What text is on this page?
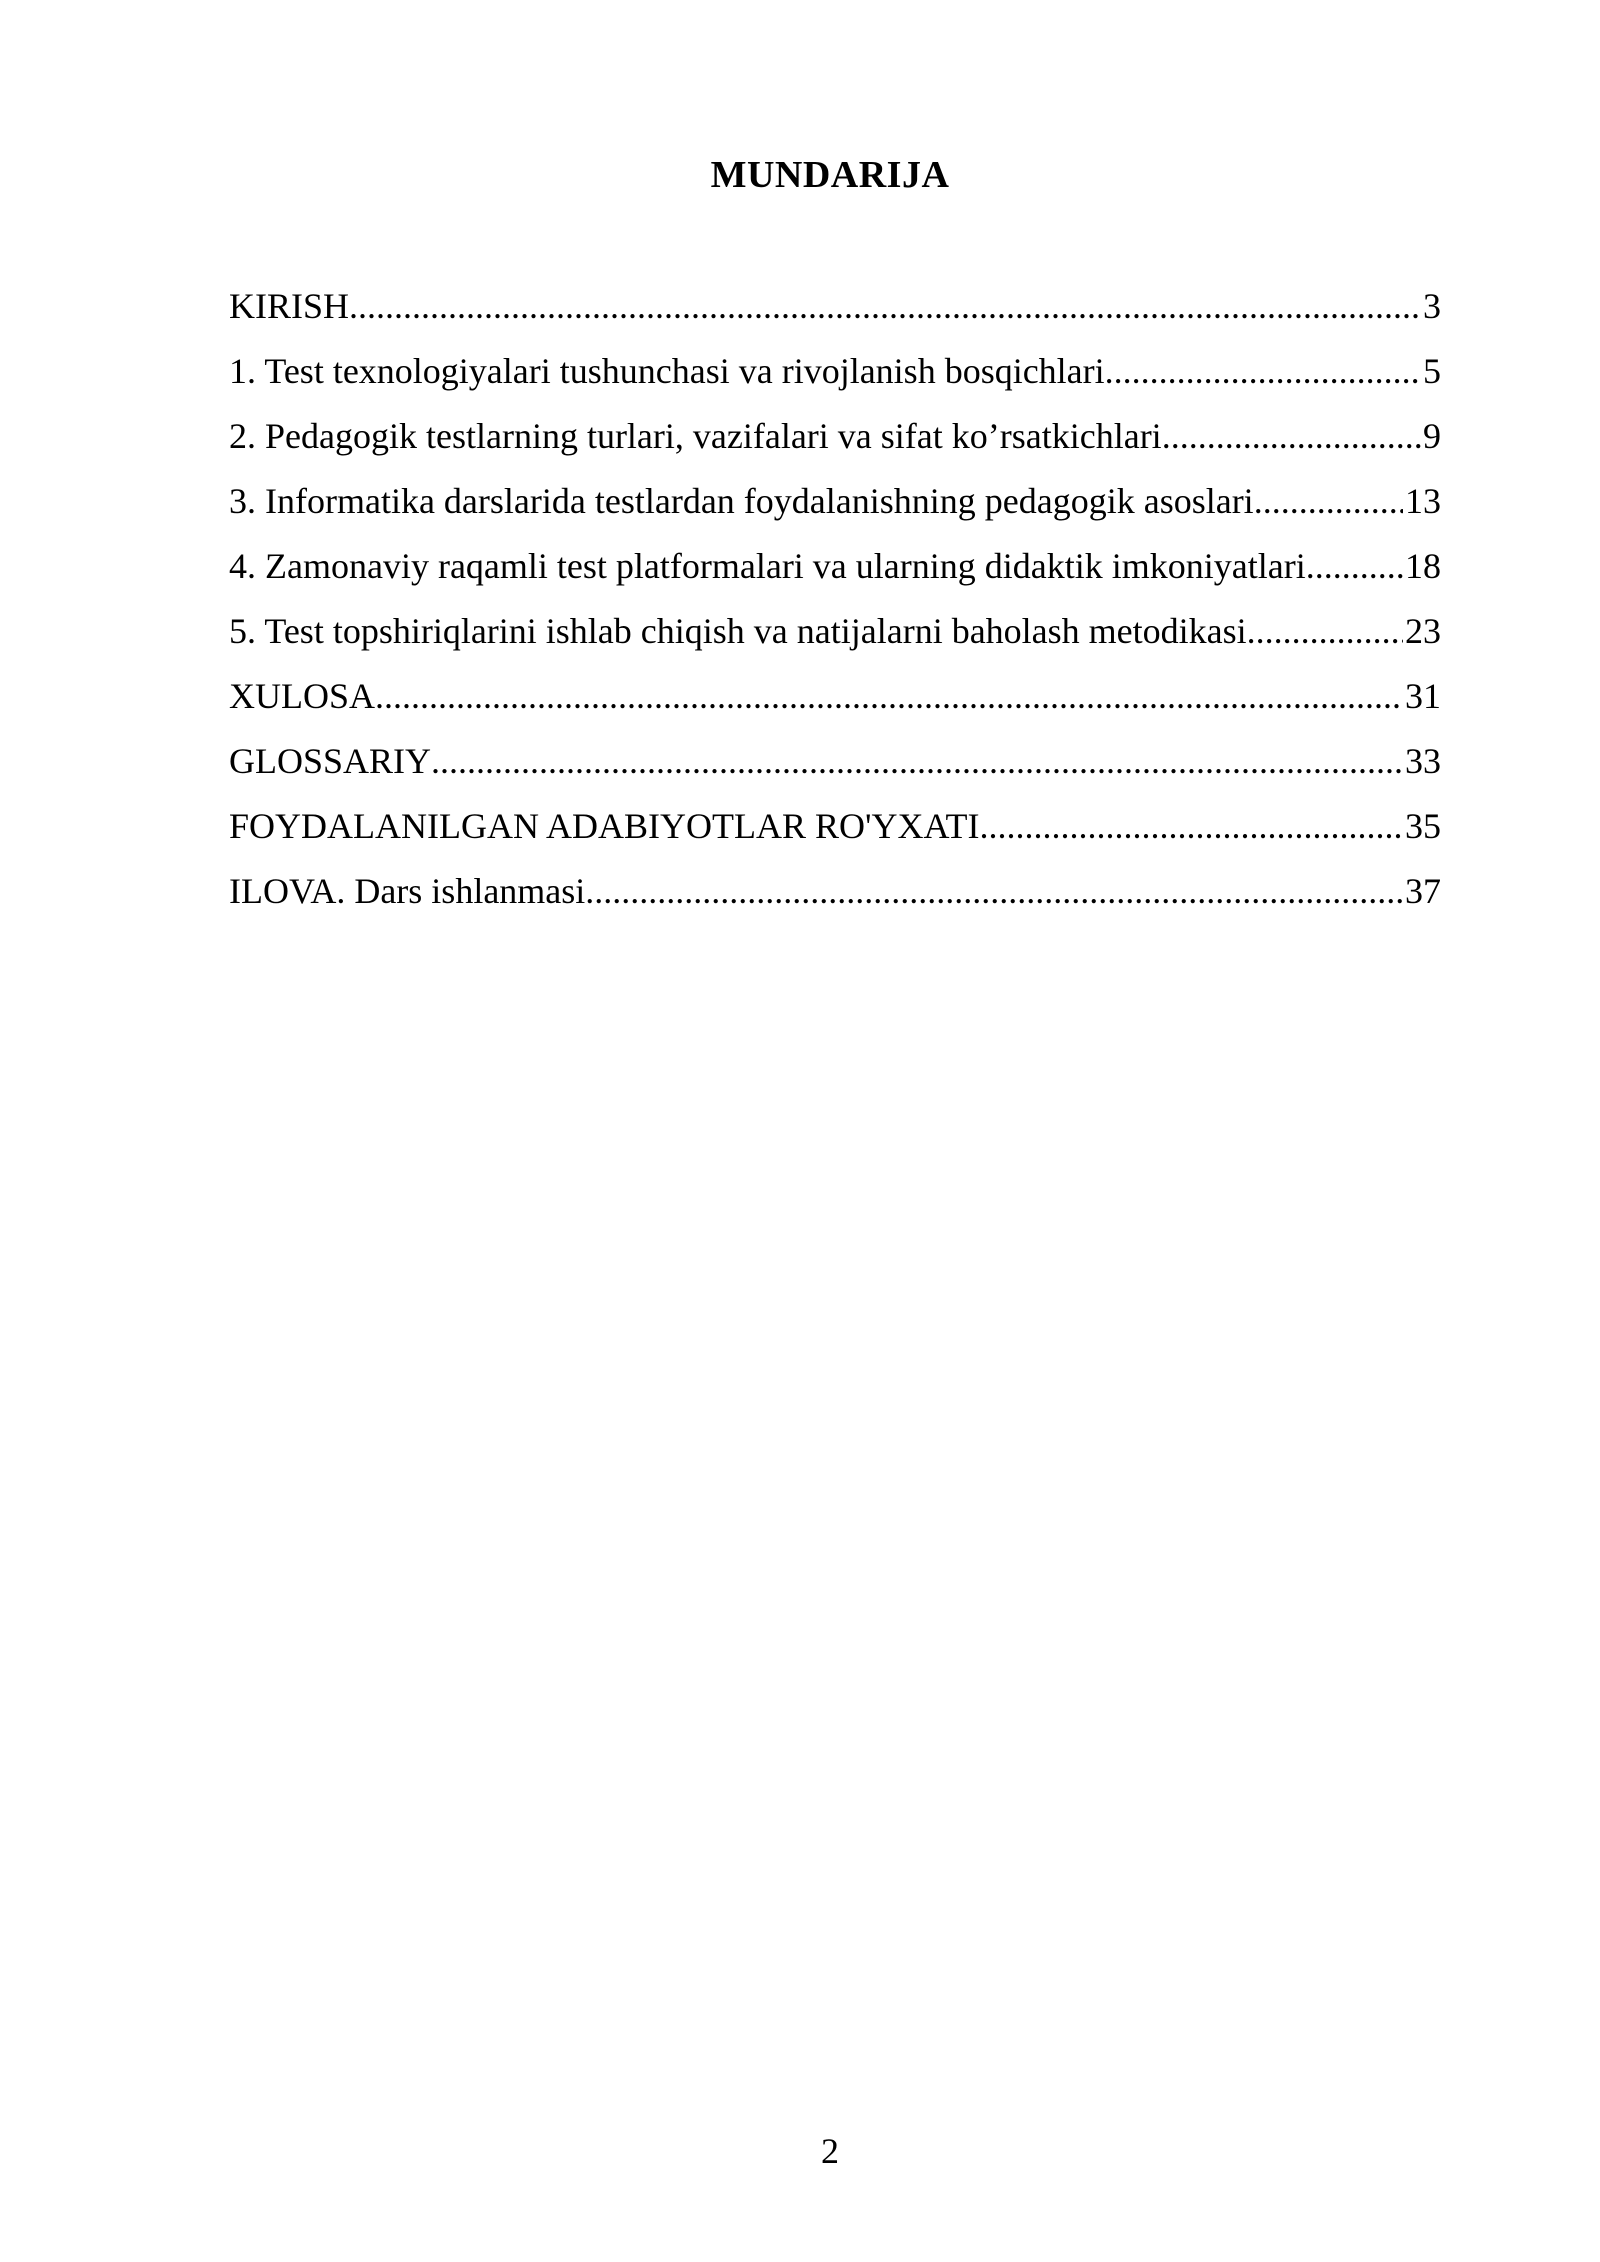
MUNDARIJA
KIRISH .....	3
1. Test texnologiyalari tushunchasi va rivojlanish bosqichlari .....	5
2. Pedagogik testlarning turlari, vazifalari va sifat ko’rsatkichlari .....	9
3. Informatika darslarida testlardan foydalanishning pedagogik asoslari .....	13
4. Zamonaviy raqamli test platformalari va ularning didaktik imkoniyatlari .....	18
5. Test topshiriqlarini ishlab chiqish va natijalarni baholash metodikasi .....	23
XULOSA .....	31
GLOSSARIY .....	33
FOYDALANILGAN ADABIYOTLAR RO'YXATI .....	35
ILOVA. Dars ishlanmasi .....	37
2
